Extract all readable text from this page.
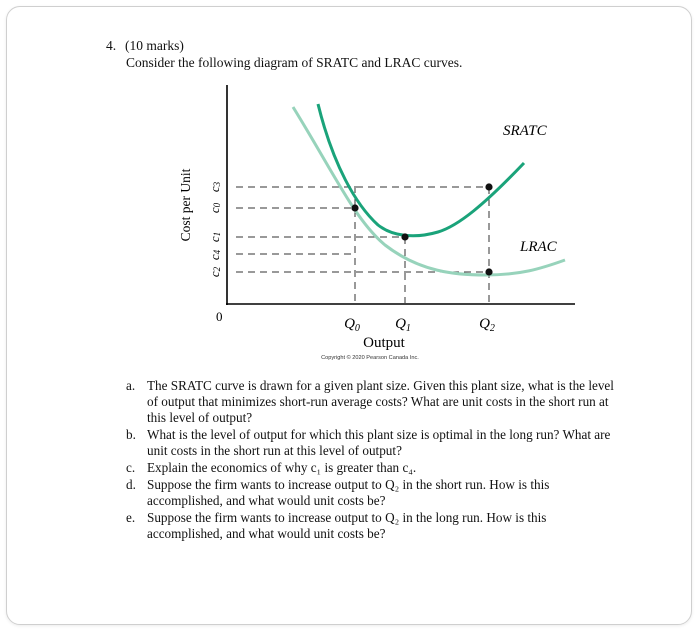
4. (10 marks)
Consider the following diagram of SRATC and LRAC curves.
SRATC
LRAC
Cost per Unit c3
c0
c1
c4
c2
0	$Q_0$ $Q_1$	$Q_2$
Output
Copyright © 2020 Pearson Canada Inc.
a. The SRATC curve is drawn for a given plant size. Given this plant size, what is the level of output that minimizes short-run average costs? What are unit costs in the short run at this level of output?
b. What is the level of output for which this plant size is optimal in the long run? What are unit costs in the short run at this level of output?
c. Explain the economics of why c₁ is greater than c₄.
d. Suppose the firm wants to increase output to Q₂ in the short run. How is this accomplished, and what would unit costs be?
e. Suppose the firm wants to increase output to Q₂ in the long run. How is this accomplished, and what would unit costs be?
